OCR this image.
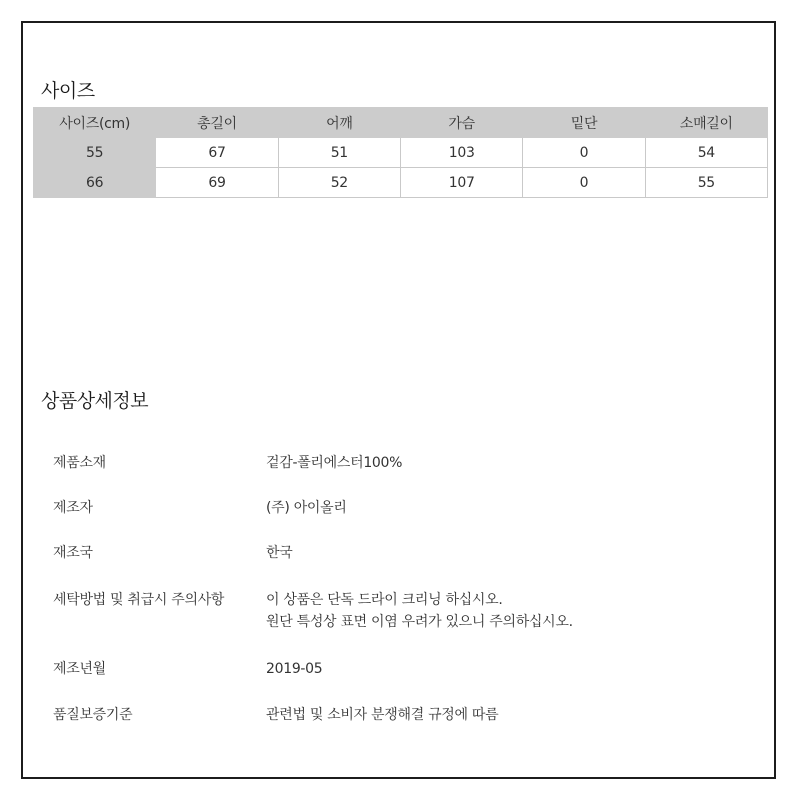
사이즈
사이즈(cm)	총길이	어깨	가슴	밑단	소매길이
55	67	51	103	0	54
66	69	52	107	0	55
상품상세정보
제품소재	겉감-폴리에스터100%
제조자	(주) 아이올리
재조국	한국
세탁방법 및 취급시 주의사항	이 상품은 단독 드라이 크리닝 하십시오.
원단 특성상 표면 이염 우려가 있으니 주의하십시오.
제조년월	2019-05
품질보증기준	관련법 및 소비자 분쟁해결 규정에 따름
